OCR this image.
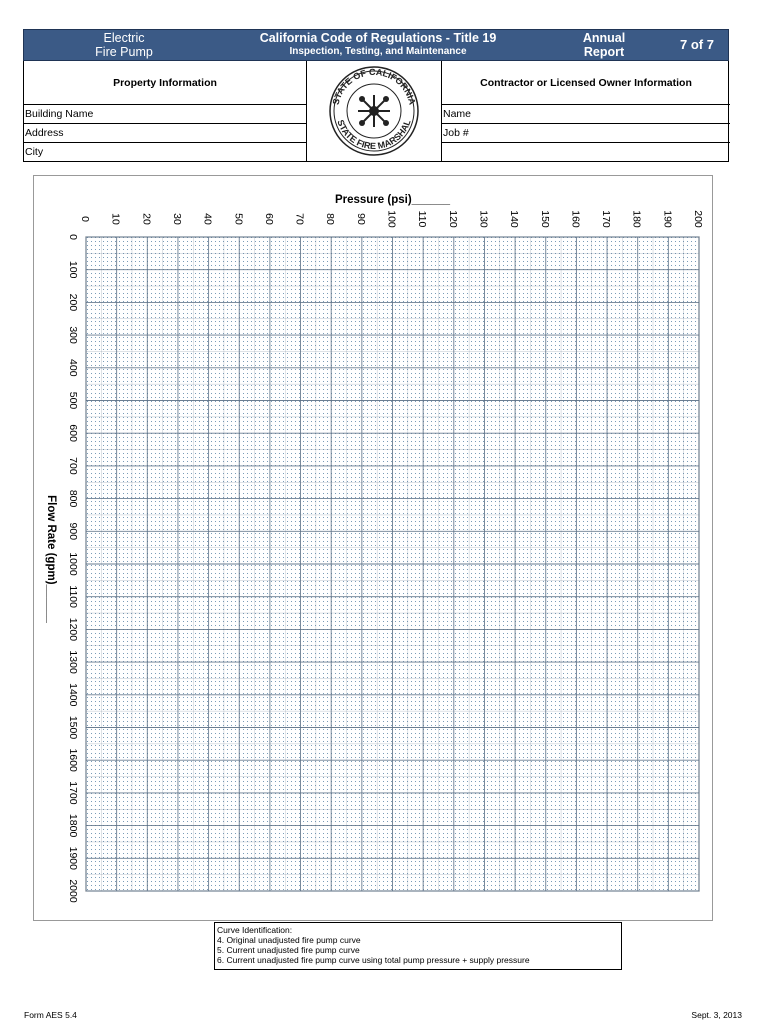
Electric
Fire Pump
California Code of Regulations - Title 19
Inspection, Testing, and Maintenance
Annual
Report	7 of 7
Property Information
Building Name
Address
City
STATE OF CALIFORNIA
STATE FIRE MARSHAL
Contractor or Licensed Owner Information
Name
Job #
0 10 20 30 40 50 60 70 80 90 100 110 120 130 140 150 160 170 180 190 200
0
100
200
300
400
500
600
700
800
900
1000
1100
1200
1300
1400
1500
1600
1700
1800
1900
2000
Pressure (psi)______
Flow Rate (gpm)______
Curve Identification:
4. Original unadjusted fire pump curve
5. Current unadjusted fire pump curve
6. Current unadjusted fire pump curve using total pump pressure + supply pressure
Form AES 5.4	Sept. 3, 2013
